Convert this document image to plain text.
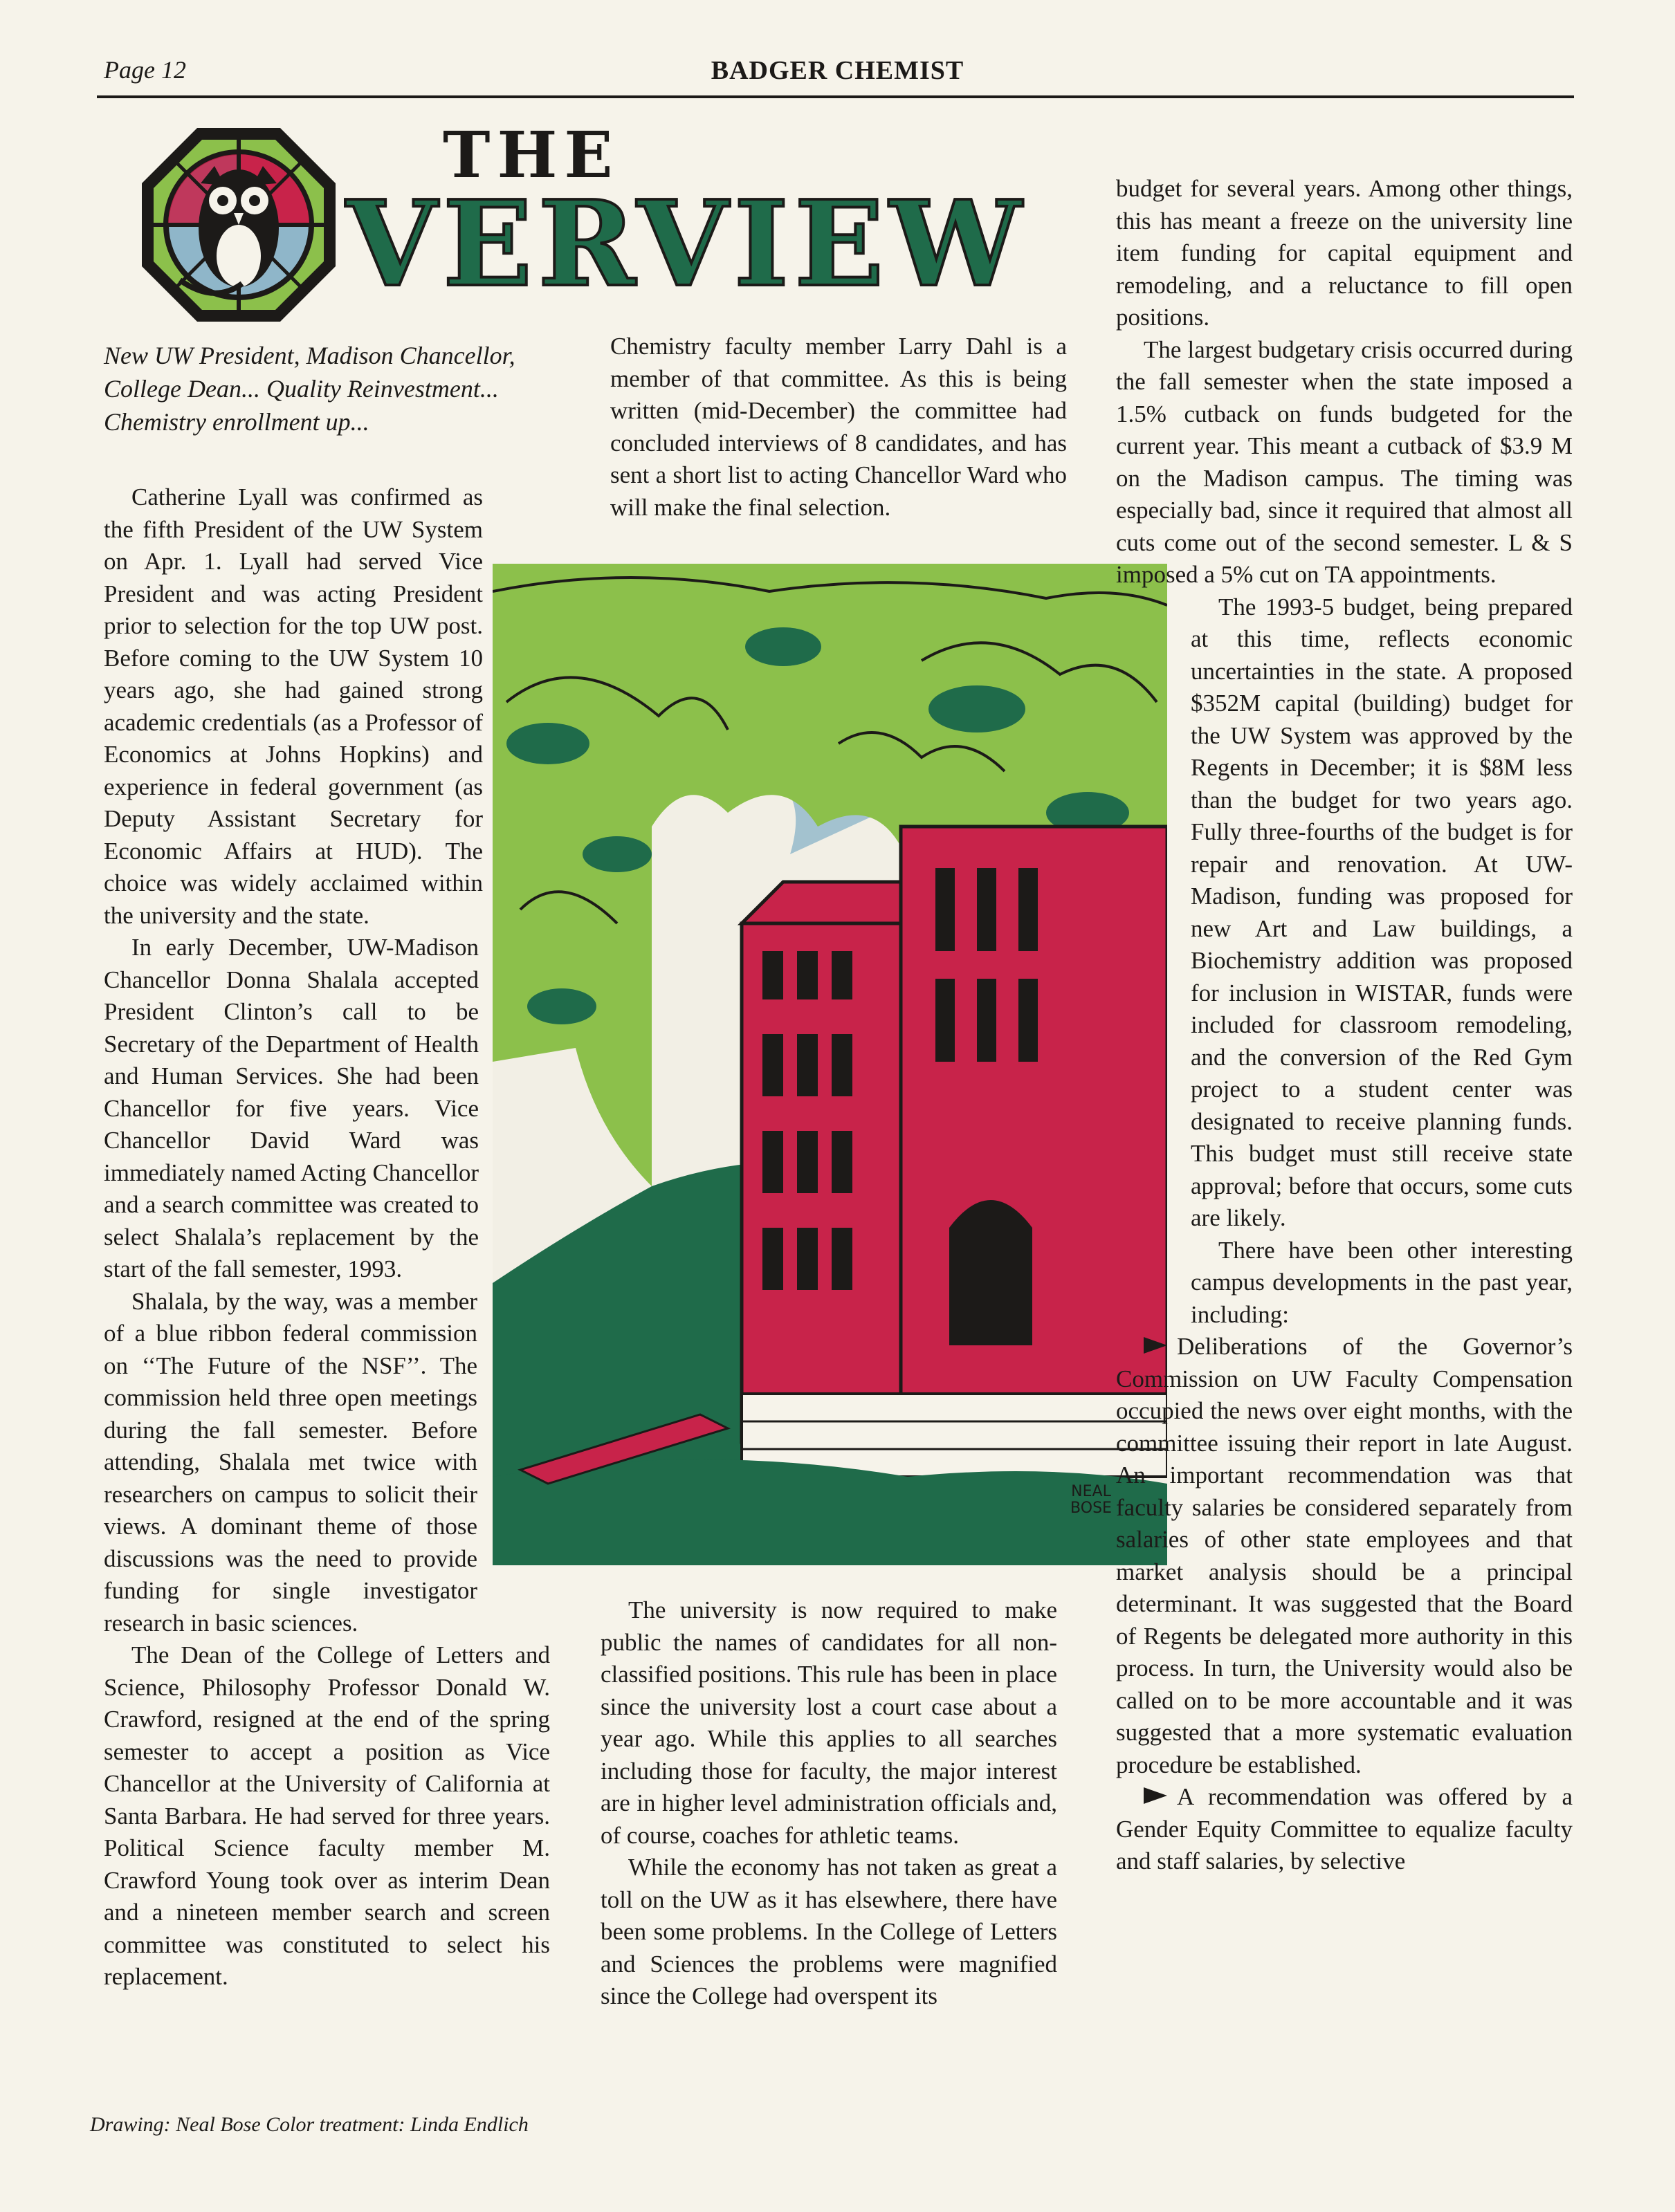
Page 12	BADGER CHEMIST
THE
VERVIEW

New UW President, Madison Chancellor, College Dean... Quality Reinvestment... Chemistry enrollment up...

Catherine Lyall was confirmed as the fifth President of the UW System on Apr. 1. Lyall had served Vice President and was acting President prior to selection for the top UW post. Before coming to the UW System 10 years ago, she had gained strong academic credentials (as a Professor of Economics at Johns Hopkins) and experience in federal government (as Deputy Assistant Secretary for Economic Affairs at HUD). The choice was widely acclaimed within the university and the state.

In early December, UW-Madison Chancellor Donna Shalala accepted President Clinton’s call to be Secretary of the Department of Health and Human Services. She had been Chancellor for five years. Vice Chancellor David Ward was immediately named Acting Chancellor and a search committee was created to select Shalala’s replacement by the start of the fall semester, 1993.

Shalala, by the way, was a member of a blue ribbon federal commission on ‘‘The Future of the NSF’’. The commission held three open meetings during the fall semester. Before attending, Shalala met twice with researchers on campus to solicit their views. A dominant theme of those discussions was the need to provide funding for single investigator research in basic sciences.

The Dean of the College of Letters and Science, Philosophy Professor Donald W. Crawford, resigned at the end of the spring semester to accept a position as Vice Chancellor at the University of California at Santa Barbara. He had served for three years. Political Science faculty member M. Crawford Young took over as interim Dean and a nineteen member search and screen committee was constituted to select his replacement.

Chemistry faculty member Larry Dahl is a member of that committee. As this is being written (mid-December) the committee had concluded interviews of 8 candidates, and has sent a short list to acting Chancellor Ward who will make the final selection.

NEAL BOSE

The university is now required to make public the names of candidates for all non-classified positions. This rule has been in place since the university lost a court case about a year ago. While this applies to all searches including those for faculty, the major interest are in higher level administration officials and, of course, coaches for athletic teams.

While the economy has not taken as great a toll on the UW as it has elsewhere, there have been some problems. In the College of Letters and Sciences the problems were magnified since the College had overspent its

budget for several years. Among other things, this has meant a freeze on the university line item funding for capital equipment and remodeling, and a reluctance to fill open positions.

The largest budgetary crisis occurred during the fall semester when the state imposed a 1.5% cutback on funds budgeted for the current year. This meant a cutback of $3.9 M on the Madison campus. The timing was especially bad, since it required that almost all cuts come out of the second semester. L & S imposed a 5% cut on TA appointments.

The 1993-5 budget, being prepared at this time, reflects economic uncertainties in the state. A proposed $352M capital (building) budget for the UW System was approved by the Regents in December; it is $8M less than the budget for two years ago. Fully three-fourths of the budget is for repair and renovation. At UW- Madison, funding was proposed for new Art and Law buildings, a Biochemistry addition was proposed for inclusion in WISTAR, funds were included for classroom remodeling, and the conversion of the Red Gym project to a student center was designated to receive planning funds. This budget must still receive state approval; before that occurs, some cuts are likely.

There have been other interesting campus developments in the past year, including:

Deliberations of the Governor’s Commission on UW Faculty Compensation occupied the news over eight months, with the committee issuing their report in late August. An important recommendation was that faculty salaries be considered separately from salaries of other state employees and that market analysis should be a principal determinant. It was suggested that the Board of Regents be delegated more authority in this process. In turn, the University would also be called on to be more accountable and it was suggested that a more systematic evaluation procedure be established.

A recommendation was offered by a Gender Equity Committee to equalize faculty and staff salaries, by selective

Drawing: Neal Bose Color treatment: Linda Endlich
